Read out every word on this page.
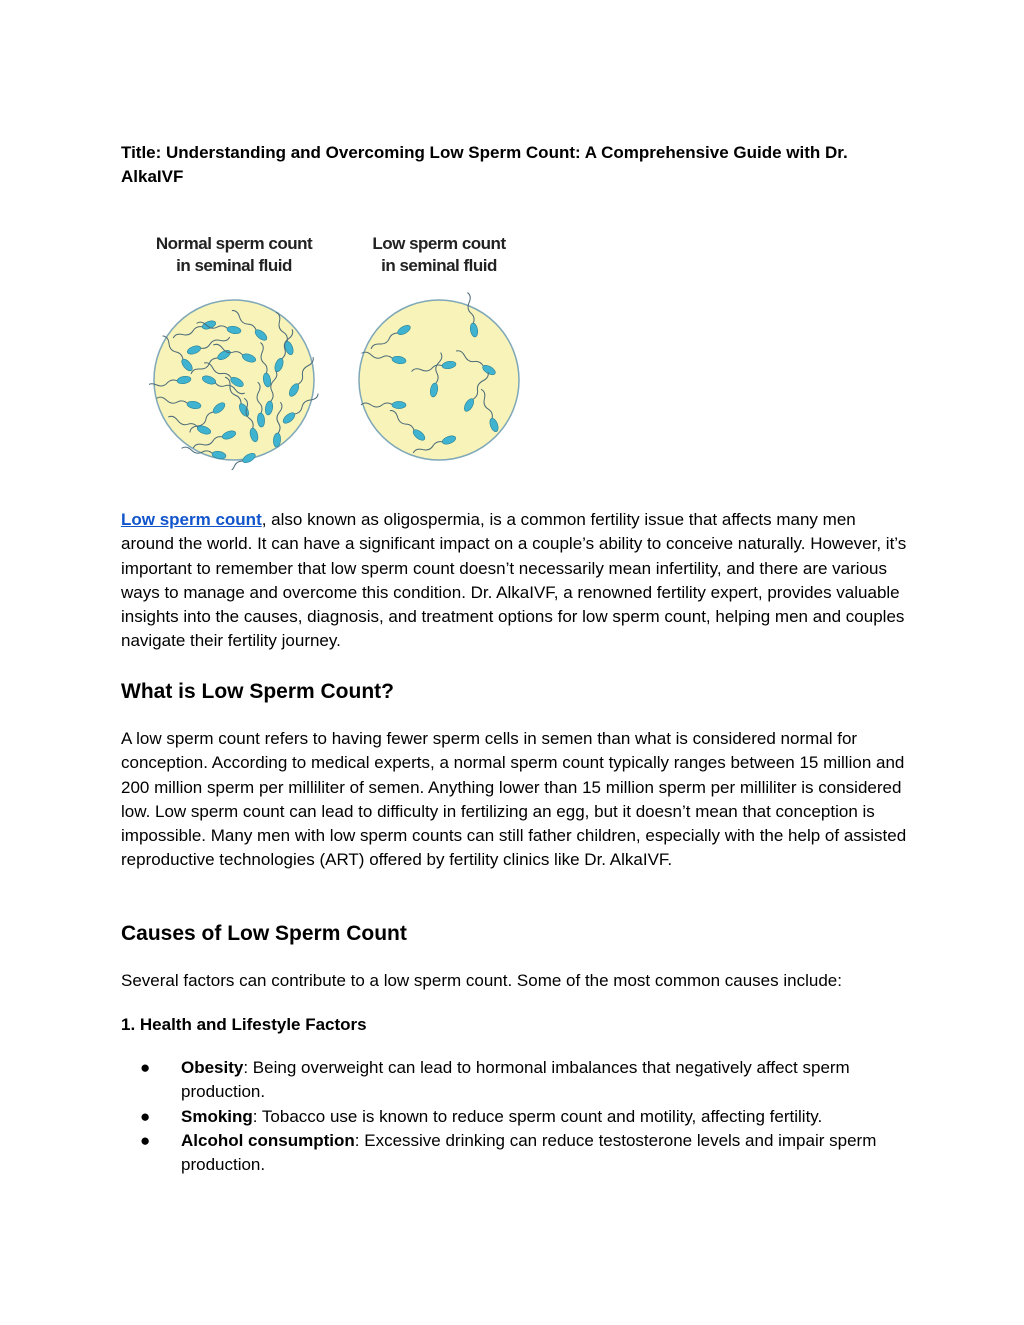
Title: Understanding and Overcoming Low Sperm Count: A Comprehensive Guide with Dr. AlkaIVF
Normal sperm count
in seminal fluid
Low sperm count
in seminal fluid

Low sperm count, also known as oligospermia, is a common fertility issue that affects many men around the world. It can have a significant impact on a couple’s ability to conceive naturally. However, it’s important to remember that low sperm count doesn’t necessarily mean infertility, and there are various ways to manage and overcome this condition. Dr. AlkaIVF, a renowned fertility expert, provides valuable insights into the causes, diagnosis, and treatment options for low sperm count, helping men and couples navigate their fertility journey.

What is Low Sperm Count?

A low sperm count refers to having fewer sperm cells in semen than what is considered normal for conception. According to medical experts, a normal sperm count typically ranges between 15 million and 200 million sperm per milliliter of semen. Anything lower than 15 million sperm per milliliter is considered low. Low sperm count can lead to difficulty in fertilizing an egg, but it doesn’t mean that conception is impossible. Many men with low sperm counts can still father children, especially with the help of assisted reproductive technologies (ART) offered by fertility clinics like Dr. AlkaIVF.

Causes of Low Sperm Count

Several factors can contribute to a low sperm count. Some of the most common causes include:

1. Health and Lifestyle Factors
● Obesity: Being overweight can lead to hormonal imbalances that negatively affect sperm production.
● Smoking: Tobacco use is known to reduce sperm count and motility, affecting fertility.
● Alcohol consumption: Excessive drinking can reduce testosterone levels and impair sperm production.
